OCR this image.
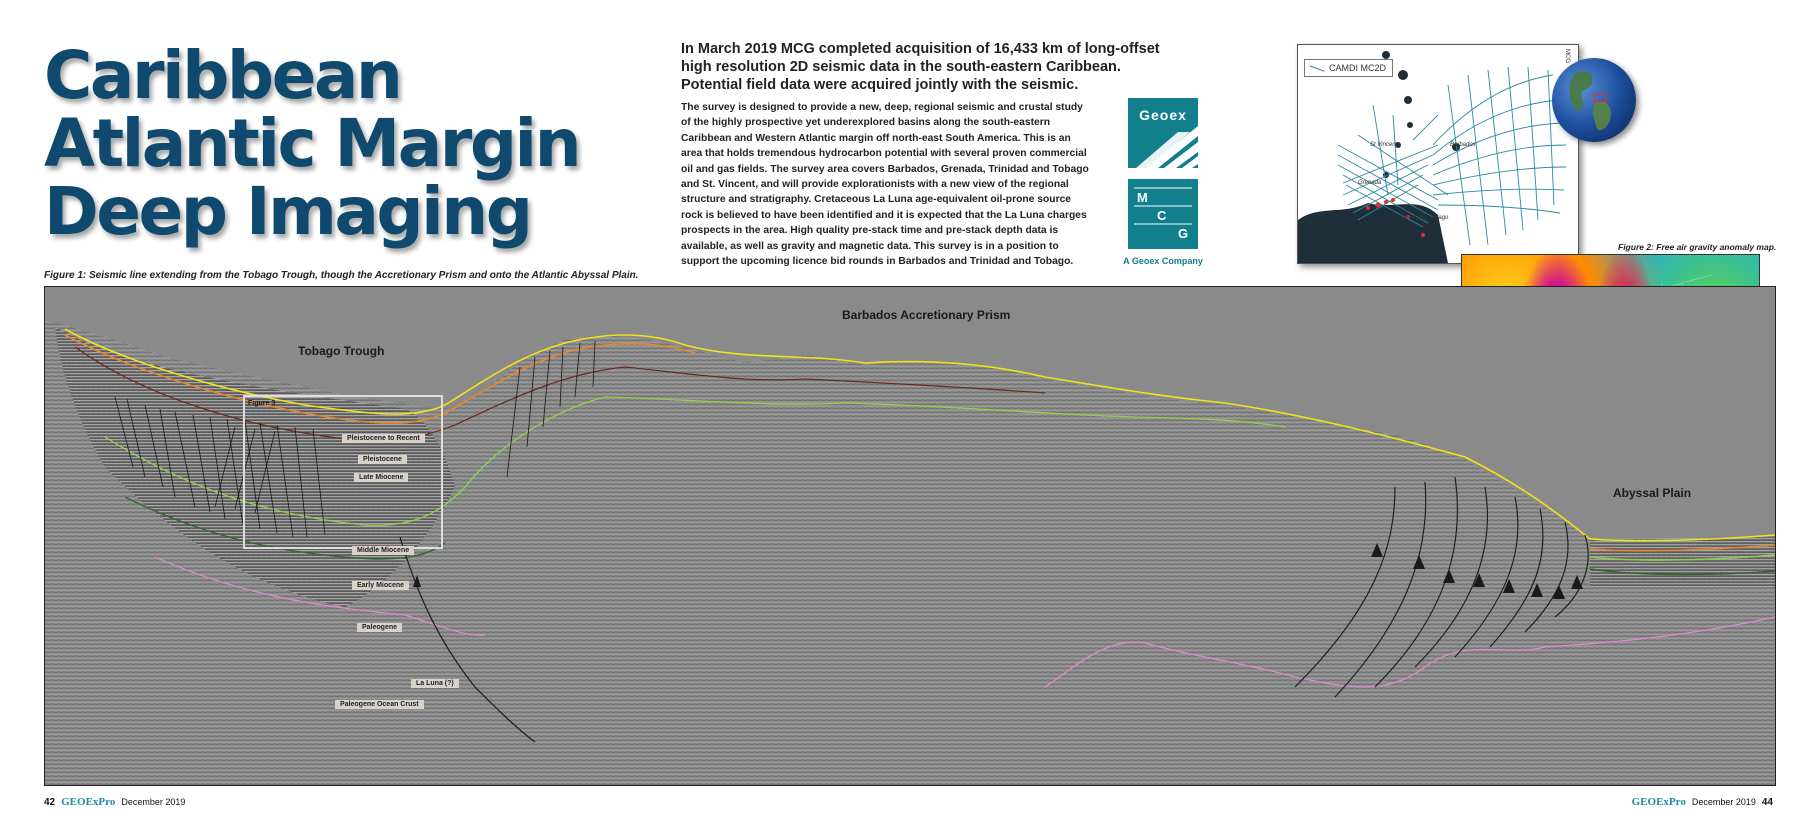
Caribbean
Atlantic Margin
Deep Imaging
Figure 1: Seismic line extending from the Tobago Trough, though the Accretionary Prism and onto the Atlantic Abyssal Plain.

In March 2019 MCG completed acquisition of 16,433 km of long-offset high resolution 2D seismic data in the south-eastern Caribbean. Potential field data were acquired jointly with the seismic.

The survey is designed to provide a new, deep, regional seismic and crustal study of the highly prospective yet underexplored basins along the south-eastern Caribbean and Western Atlantic margin off north-east South America. This is an area that holds tremendous hydrocarbon potential with several proven commercial oil and gas fields. The survey area covers Barbados, Grenada, Trinidad and Tobago and St. Vincent, and will provide explorationists with a new view of the regional structure and stratigraphy. Cretaceous La Luna age-equivalent oil-prone source rock is believed to have been identified and it is expected that the La Luna charges prospects in the area. High quality pre-stack time and pre-stack depth data is available, as well as gravity and magnetic data. This survey is in a position to support the upcoming licence bid rounds in Barbados and Trinidad and Tobago.

Geoex
M
C
G
A Geoex Company
CAMDI MC2D
St Vincent	Barbados
Grenada
Trinidad & Tobago
MCG
Figure 2: Free air gravity anomaly map.
Tobago Trough
Barbados Accretionary Prism
Abyssal Plain
Figure 3
Pleistocene to Recent
Pleistocene
Late Miocene
Middle Miocene
Early Miocene
Paleogene
La Luna (?)
Paleogene Ocean Crust
42 GEOExPro December 2019	GEOExPro December 2019 44
